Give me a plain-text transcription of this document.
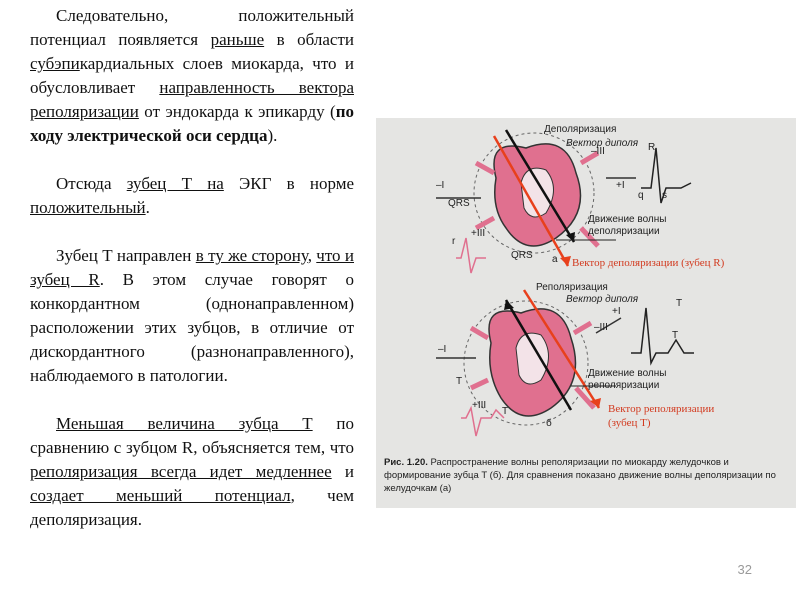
Следовательно, положительный потенциал появляется раньше в области субэпикардиальных слоев миокарда, что и обусловливает направленность вектора реполяризации от эндокарда к эпикарду (по ходу электрической оси сердца).

Отсюда зубец Т на ЭКГ в норме положительный.

Зубец Т направлен в ту же сторону, что и зубец R. В этом случае говорят о конкордантном (однонаправленном) расположении этих зубцов, в отличие от дискордантного (разнонаправленного), наблюдаемого в патологии.

Меньшая величина зубца Т по сравнению с зубцом R, объясняется тем, что реполяризация всегда идет медленнее и создает меньший потенциал, чем деполяризация.

Деполяризация
Вектор диполя
Движение волны
деполяризации
–I	+I
–III
+III
QRS
QRS
R
q s
r
а
Реполяризация
Вектор диполя
Движение волны
реполяризации
–I
+I
–III
+III
T
T
T
T
б
Рис. 1.20. Распространение волны реполяризации по миокарду желудочков и формирование зубца T (б). Для сравнения показано движение волны деполяризации по желудочкам (а)
Вектор деполяризации (зубец R)
Вектор реполяризации
(зубец Т)
32
